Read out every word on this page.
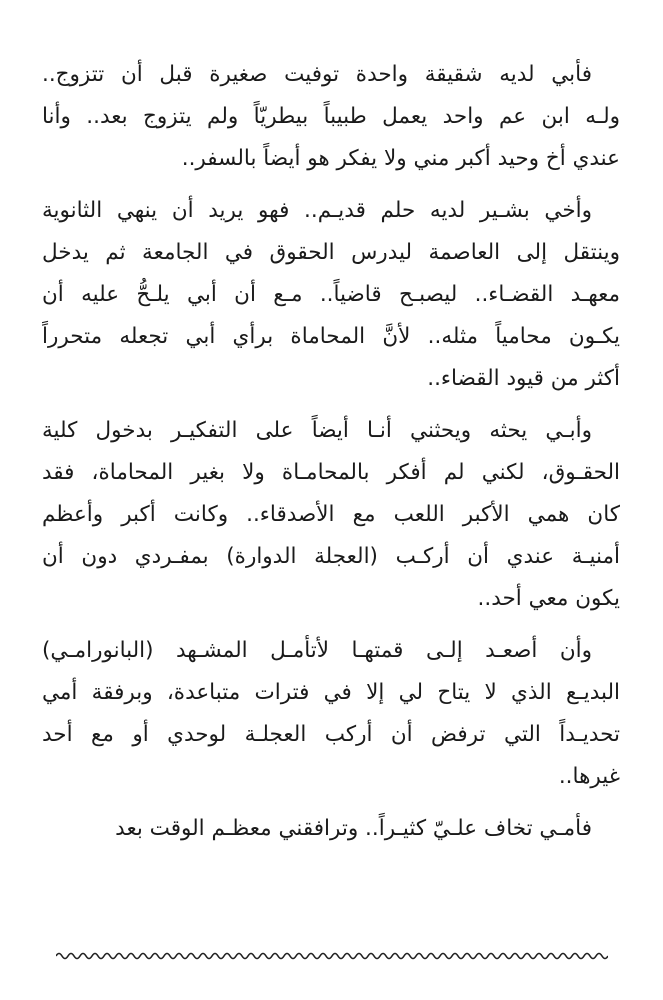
فأبي لديه شقيقة واحدة توفيت صغيرة قبل أن تتزوج..
ولـه ابن عم واحد يعمل طبيباً بيطريّاً ولم يتزوج بعد.. وأنا
عندي أخ وحيد أكبر مني ولا يفكر هو أيضاً بالسفر..
وأخي بشـير لديه حلم قديـم.. فهو يريد أن ينهي الثانوية
وينتقل إلى العاصمة ليدرس الحقوق في الجامعة ثم يدخل
معهـد القضـاء.. ليصبـح قاضياً.. مـع أن أبي يلـحُّ عليه أن
يكـون محامياً مثله.. لأنَّ المحاماة برأي أبي تجعله متحرراً
أكثر من قيود القضاء..
وأبـي يحثه ويحثني أنـا أيضاً على التفكيـر بدخول كلية
الحقـوق، لكني لم أفكر بالمحامـاة ولا بغير المحاماة، فقد
كان همي الأكبر اللعب مع الأصدقاء.. وكانت أكبر وأعظم
أمنيـة عندي أن أركـب (العجلة الدوارة) بمفـردي دون أن
يكون معي أحد..
وأن أصعـد إلـى قمتهـا لأتأمـل المشـهد (البانورامـي)
البديـع الذي لا يتاح لي إلا في فترات متباعدة، وبرفقة أمي
تحديـداً التي ترفض أن أركب العجلـة لوحدي أو مع أحد
غيرها..
فأمـي تخاف علـيّ كثيـراً.. وترافقني معظـم الوقت بعد
